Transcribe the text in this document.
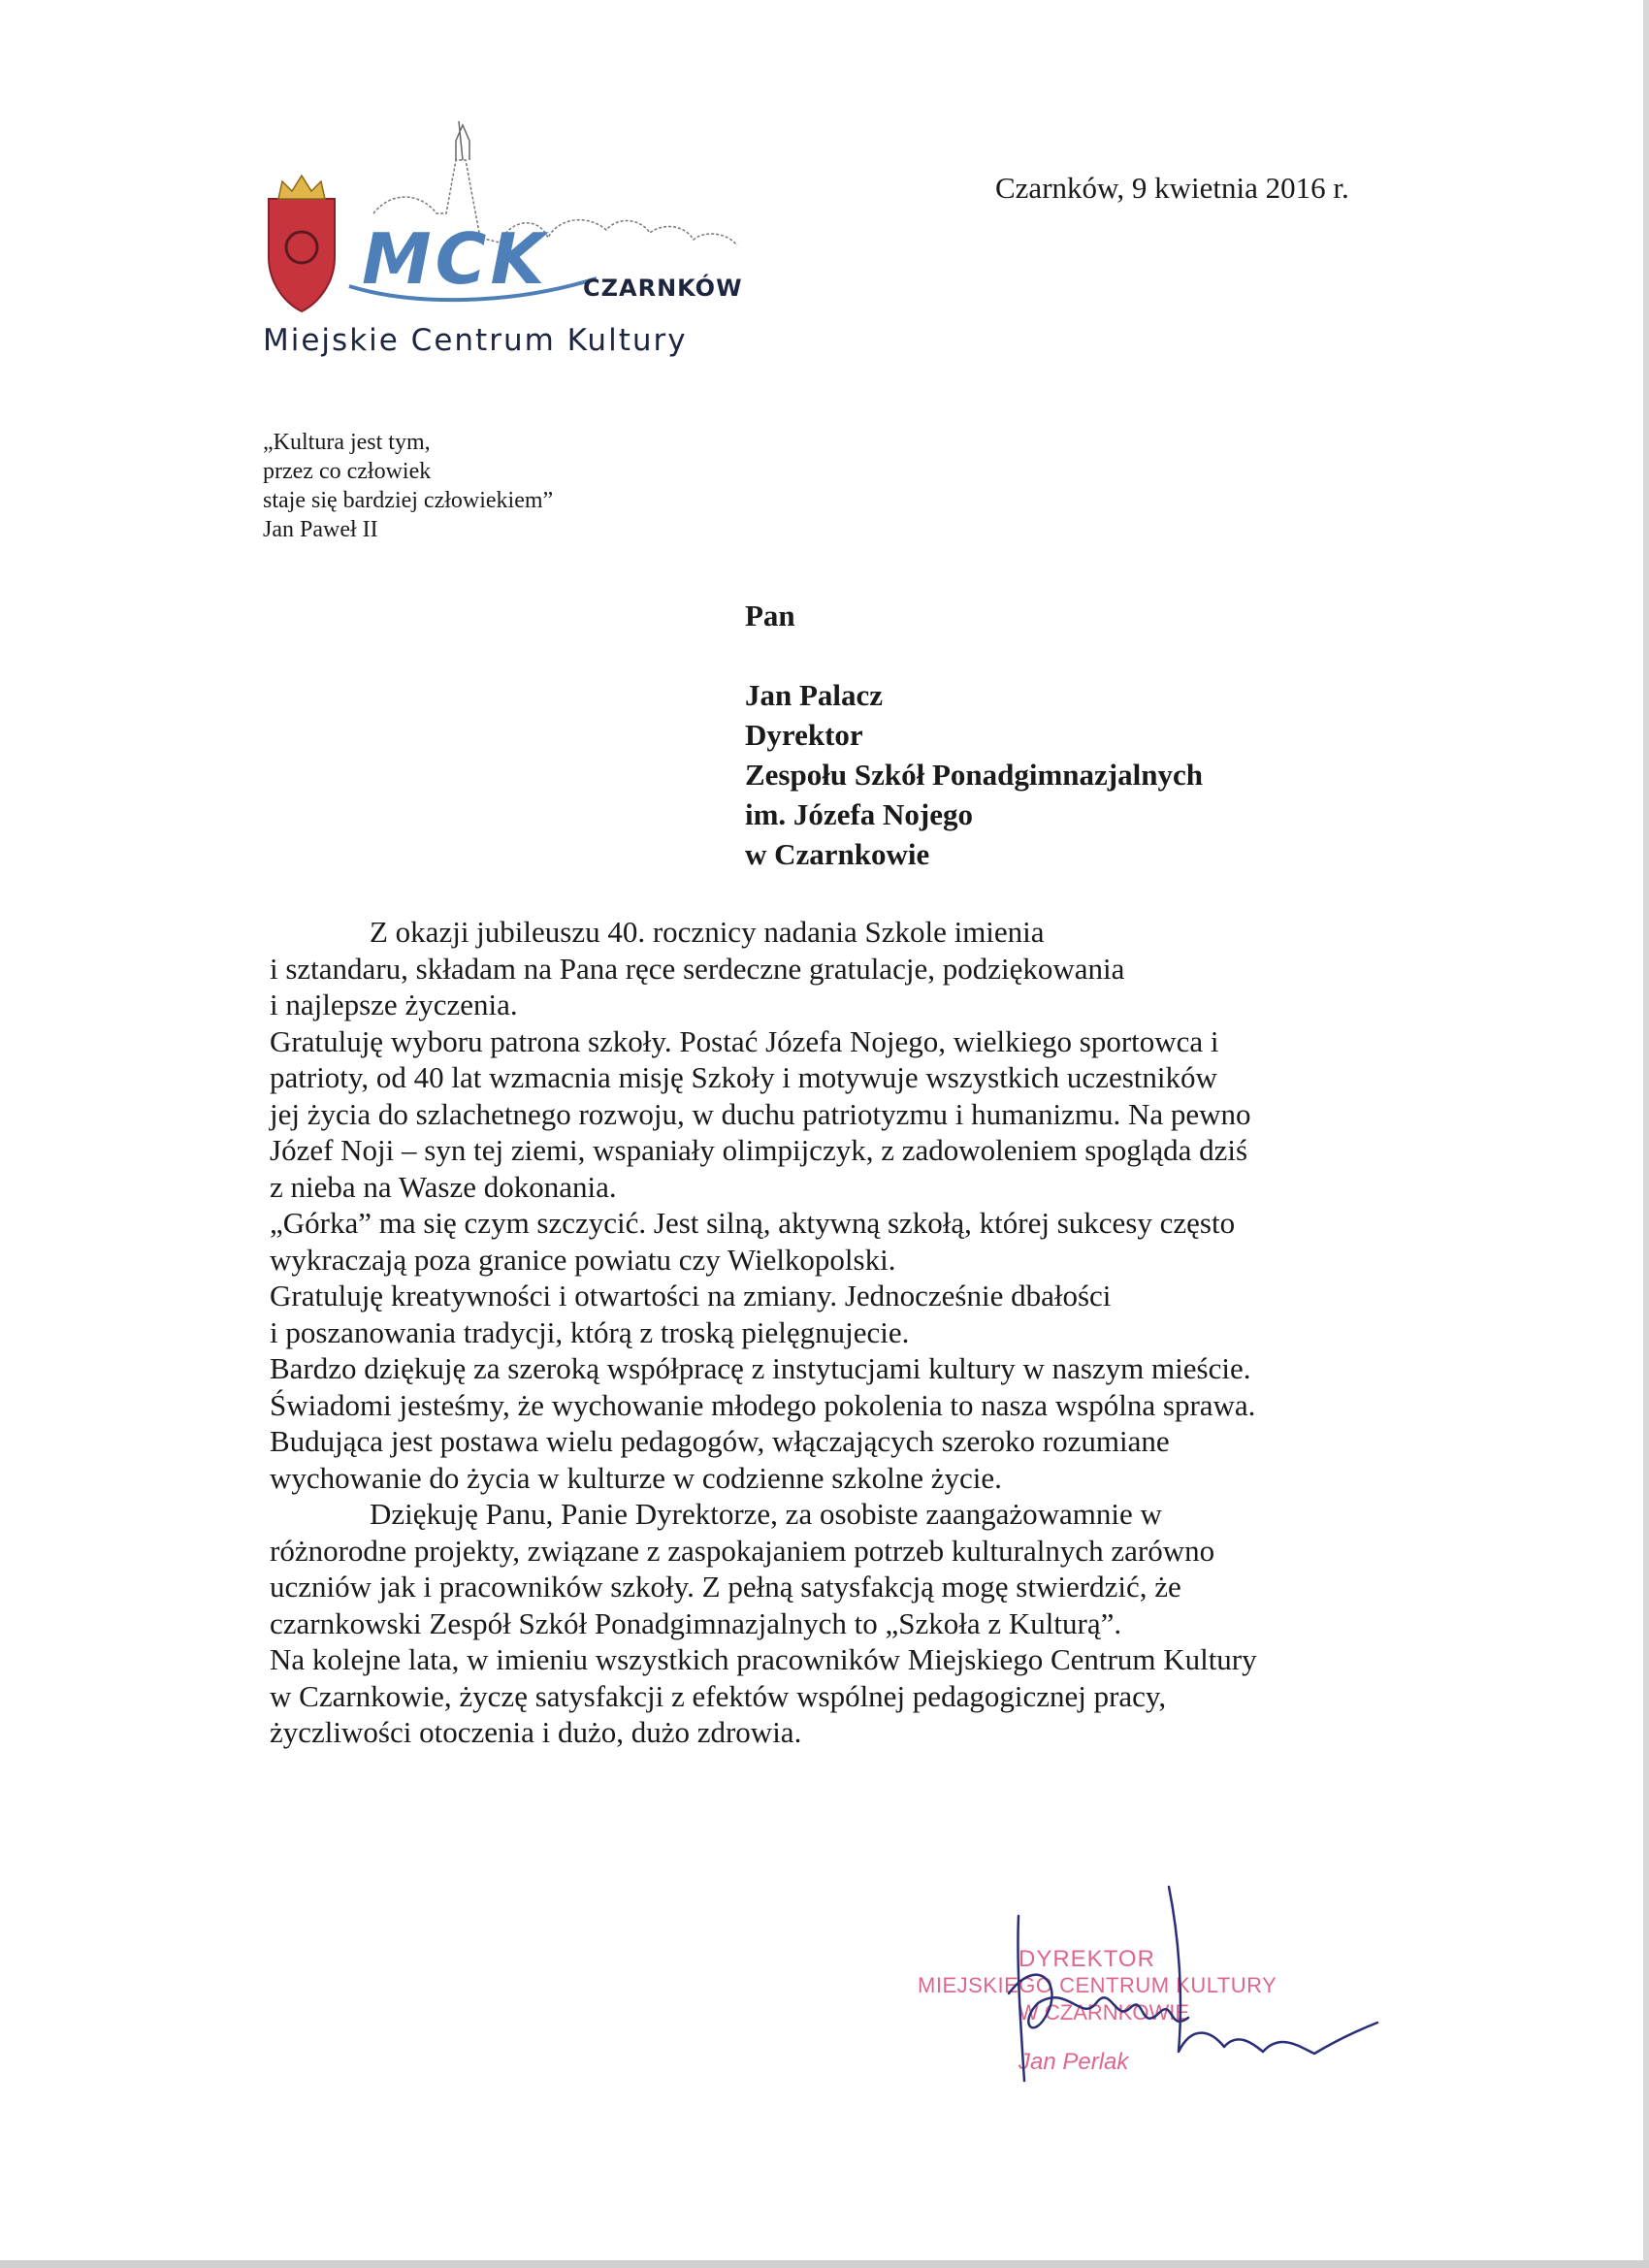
MCK CZARNKÓW
Miejskie Centrum Kultury
Czarnków, 9 kwietnia 2016 r.
„Kultura jest tym,
przez co człowiek
staje się bardziej człowiekiem”
Jan Paweł II
Pan
Jan Palacz
Dyrektor
Zespołu Szkół Ponadgimnazjalnych
im. Józefa Nojego
w Czarnkowie
Z okazji jubileuszu 40. rocznicy nadania Szkole imienia
i sztandaru, składam na Pana ręce serdeczne gratulacje, podziękowania
i najlepsze życzenia.
Gratuluję wyboru patrona szkoły. Postać Józefa Nojego, wielkiego sportowca i
patrioty, od 40 lat wzmacnia misję Szkoły i motywuje wszystkich uczestników
jej życia do szlachetnego rozwoju, w duchu patriotyzmu i humanizmu. Na pewno
Józef Noji – syn tej ziemi, wspaniały olimpijczyk, z zadowoleniem spogląda dziś
z nieba na Wasze dokonania.
„Górka” ma się czym szczycić. Jest silną, aktywną szkołą, której sukcesy często
wykraczają poza granice powiatu czy Wielkopolski.
Gratuluję kreatywności i otwartości na zmiany. Jednocześnie dbałości
i poszanowania tradycji, którą z troską pielęgnujecie.
Bardzo dziękuję za szeroką współpracę z instytucjami kultury w naszym mieście.
Świadomi jesteśmy, że wychowanie młodego pokolenia to nasza wspólna sprawa.
Budująca jest postawa wielu pedagogów, włączających szeroko rozumiane
wychowanie do życia w kulturze w codzienne szkolne życie.
Dziękuję Panu, Panie Dyrektorze, za osobiste zaangażowamnie w
różnorodne projekty, związane z zaspokajaniem potrzeb kulturalnych zarówno
uczniów jak i pracowników szkoły. Z pełną satysfakcją mogę stwierdzić, że
czarnkowski Zespół Szkół Ponadgimnazjalnych to „Szkoła z Kulturą”.
Na kolejne lata, w imieniu wszystkich pracowników Miejskiego Centrum Kultury
w Czarnkowie, życzę satysfakcji z efektów wspólnej pedagogicznej pracy,
życzliwości otoczenia i dużo, dużo zdrowia.
DYREKTOR
MIEJSKIEGO CENTRUM KULTURY
W CZARNKOWIE
Jan Perlak
